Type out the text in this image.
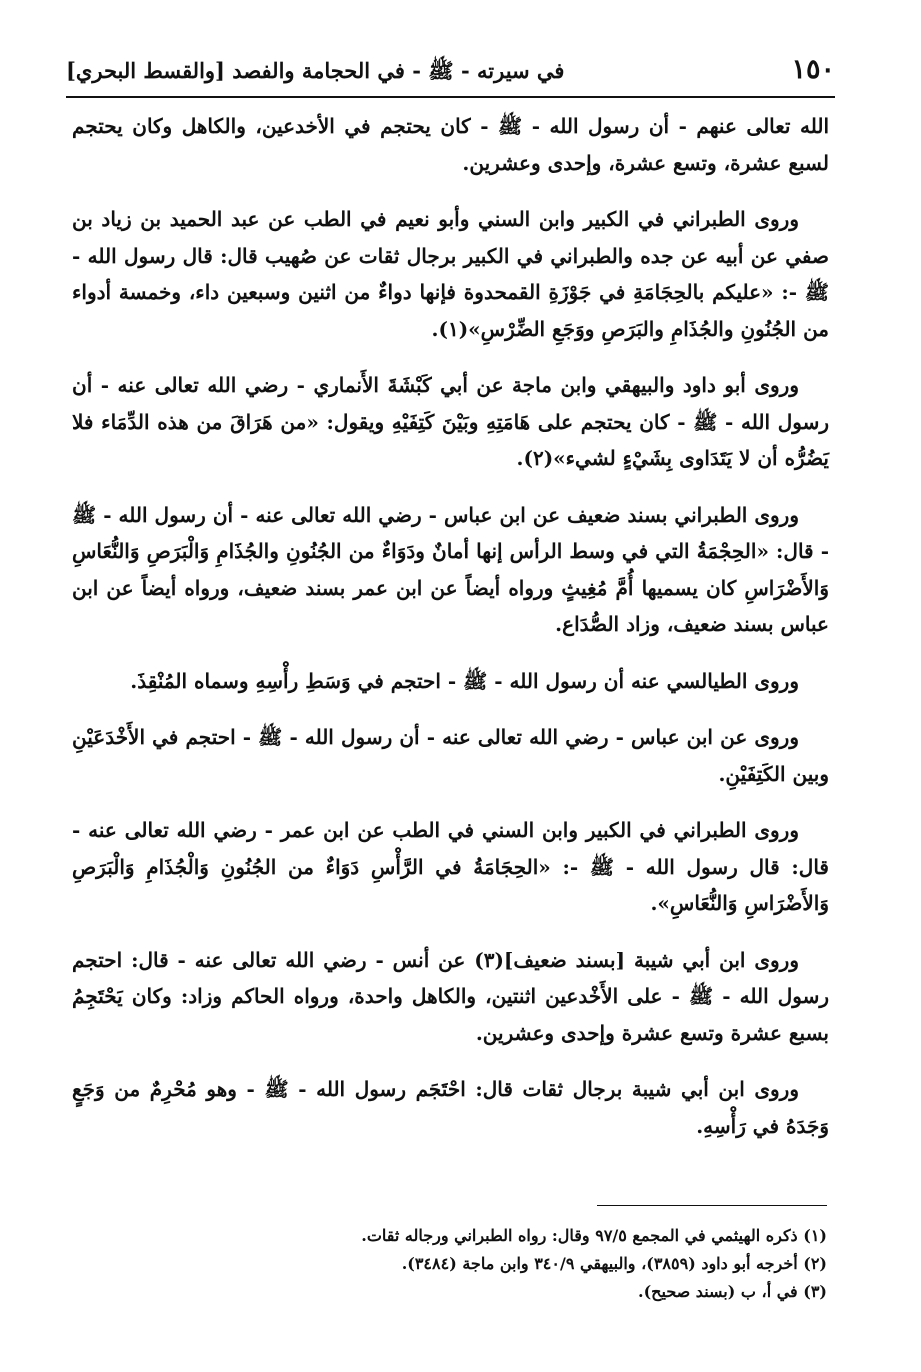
١٥٠
في سيرته - ﷺ - في الحجامة والفصد [والقسط البحري]

الله تعالى عنهم - أن رسول الله - ﷺ - كان يحتجم في الأخدعين، والكاهل وكان يحتجم لسبع عشرة، وتسع عشرة، وإحدى وعشرين.

وروى الطبراني في الكبير وابن السني وأبو نعيم في الطب عن عبد الحميد بن زياد بن صفي عن أبيه عن جده والطبراني في الكبير برجال ثقات عن صُهيب قال: قال رسول الله - ﷺ -: «عليكم بالحِجَامَةِ في جَوْزَةِ القمحدوة فإنها دواءٌ من اثنين وسبعين داء، وخمسة أدواء من الجُنُونِ والجُذَامِ والبَرَصِ ووَجَعِ الضِّرْسِ»(١).

وروى أبو داود والبيهقي وابن ماجة عن أبي كَبْشَةَ الأَنماري - رضي الله تعالى عنه - أن رسول الله - ﷺ - كان يحتجم على هَامَتِهِ وبَيْنَ كَتِفَيْهِ ويقول: «من هَرَاقَ من هذه الدِّمَاء فلا يَضُرُّه أن لا يَتَدَاوى بِشَيْءٍ لشيء»(٢).

وروى الطبراني بسند ضعيف عن ابن عباس - رضي الله تعالى عنه - أن رسول الله - ﷺ - قال: «الحِجْمَةُ التي في وسط الرأس إنها أمانٌ ودَوَاءٌ من الجُنُونِ والجُذَامِ وَالْبَرَصِ وَالنُّعَاسِ وَالأَضْرَاسِ كان يسميها أُمَّ مُغِيثٍ ورواه أيضاً عن ابن عمر بسند ضعيف، ورواه أيضاً عن ابن عباس بسند ضعيف، وزاد الصُّدَاع.

وروى الطيالسي عنه أن رسول الله - ﷺ - احتجم في وَسَطِ رأْسِهِ وسماه المُنْقِذَ.

وروى عن ابن عباس - رضي الله تعالى عنه - أن رسول الله - ﷺ - احتجم في الأَخْدَعَيْنِ وبين الكَتِفَيْنِ.

وروى الطبراني في الكبير وابن السني في الطب عن ابن عمر - رضي الله تعالى عنه - قال: قال رسول الله - ﷺ -: «الحِجَامَةُ في الرَّأْسِ دَوَاءٌ من الجُنُونِ وَالْجُذَامِ وَالْبَرَصِ وَالأَضْرَاسِ وَالنُّعَاسِ».

وروى ابن أبي شيبة [بسند ضعيف](٣) عن أنس - رضي الله تعالى عنه - قال: احتجم رسول الله - ﷺ - على الأَخْدعين اثنتين، والكاهل واحدة، ورواه الحاكم وزاد: وكان يَحْتَجِمُ بسبع عشرة وتسع عشرة وإحدى وعشرين.

وروى ابن أبي شيبة برجال ثقات قال: احْتَجَم رسول الله - ﷺ - وهو مُحْرِمٌ من وَجَعٍ وَجَدَهُ في رَأْسِهِ.

(١) ذكره الهيثمي في المجمع ٩٧/٥ وقال: رواه الطبراني ورجاله ثقات.
(٢) أخرجه أبو داود (٣٨٥٩)، والبيهقي ٣٤٠/٩ وابن ماجة (٣٤٨٤).
(٣) في أ، ب (بسند صحيح).
